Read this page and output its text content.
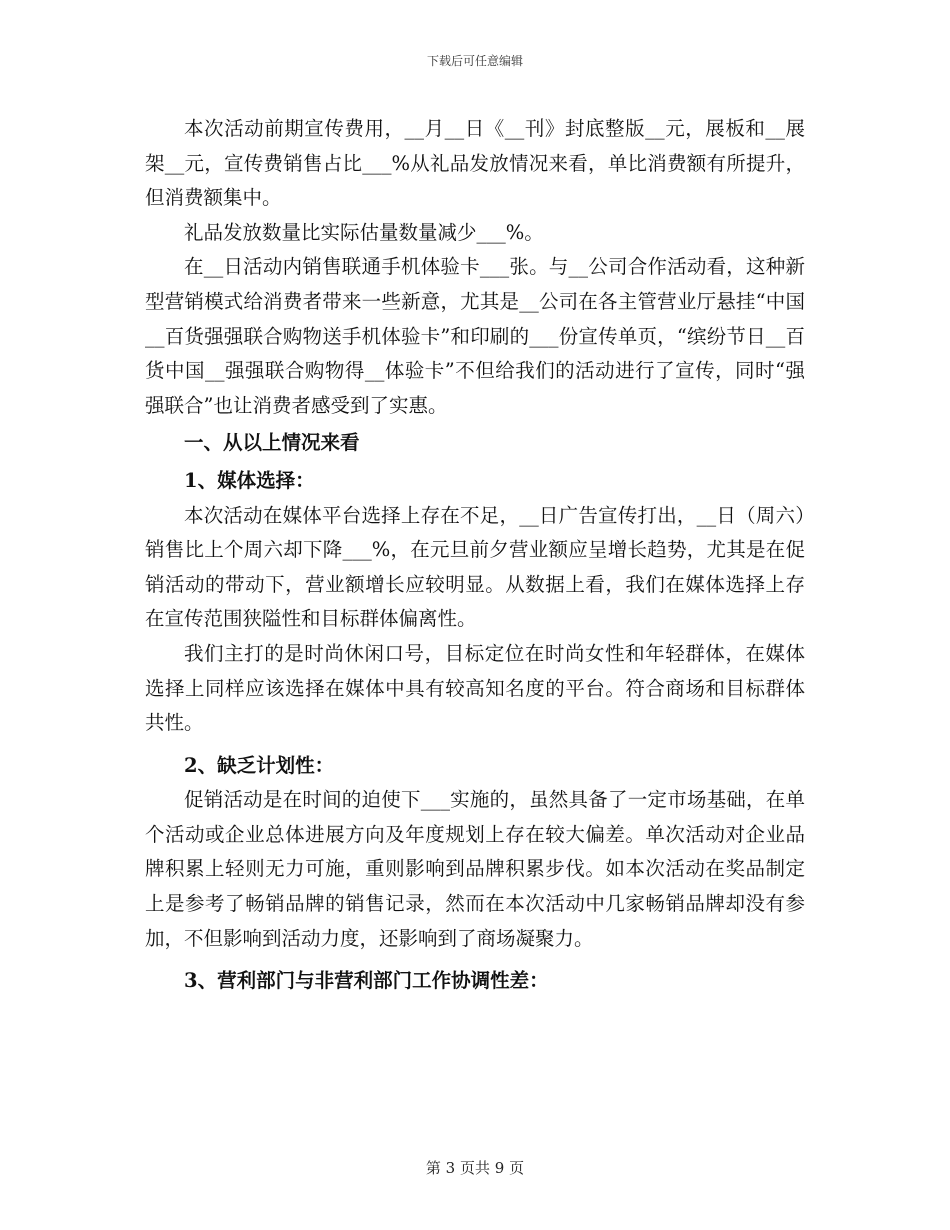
下载后可任意编辑

本次活动前期宣传费用，__月__日《__刊》封底整版__元，展板和__展架__元，宣传费销售占比___%从礼品发放情况来看，单比消费额有所提升，但消费额集中。

礼品发放数量比实际估量数量减少___%。

在__日活动内销售联通手机体验卡___张。与__公司合作活动看，这种新型营销模式给消费者带来一些新意，尤其是__公司在各主管营业厅悬挂“中国__百货强强联合购物送手机体验卡”和印刷的___份宣传单页，“缤纷节日__百货中国__强强联合购物得__体验卡”不但给我们的活动进行了宣传，同时“强强联合”也让消费者感受到了实惠。

一、从以上情况来看

1、媒体选择：

本次活动在媒体平台选择上存在不足，__日广告宣传打出，__日（周六）销售比上个周六却下降___%，在元旦前夕营业额应呈增长趋势，尤其是在促销活动的带动下，营业额增长应较明显。从数据上看，我们在媒体选择上存在宣传范围狭隘性和目标群体偏离性。

我们主打的是时尚休闲口号，目标定位在时尚女性和年轻群体，在媒体选择上同样应该选择在媒体中具有较高知名度的平台。符合商场和目标群体共性。

2、缺乏计划性：

促销活动是在时间的迫使下___实施的，虽然具备了一定市场基础，在单个活动或企业总体进展方向及年度规划上存在较大偏差。单次活动对企业品牌积累上轻则无力可施，重则影响到品牌积累步伐。如本次活动在奖品制定上是参考了畅销品牌的销售记录，然而在本次活动中几家畅销品牌却没有参加，不但影响到活动力度，还影响到了商场凝聚力。

3、营利部门与非营利部门工作协调性差：

第 3 页共 9 页
